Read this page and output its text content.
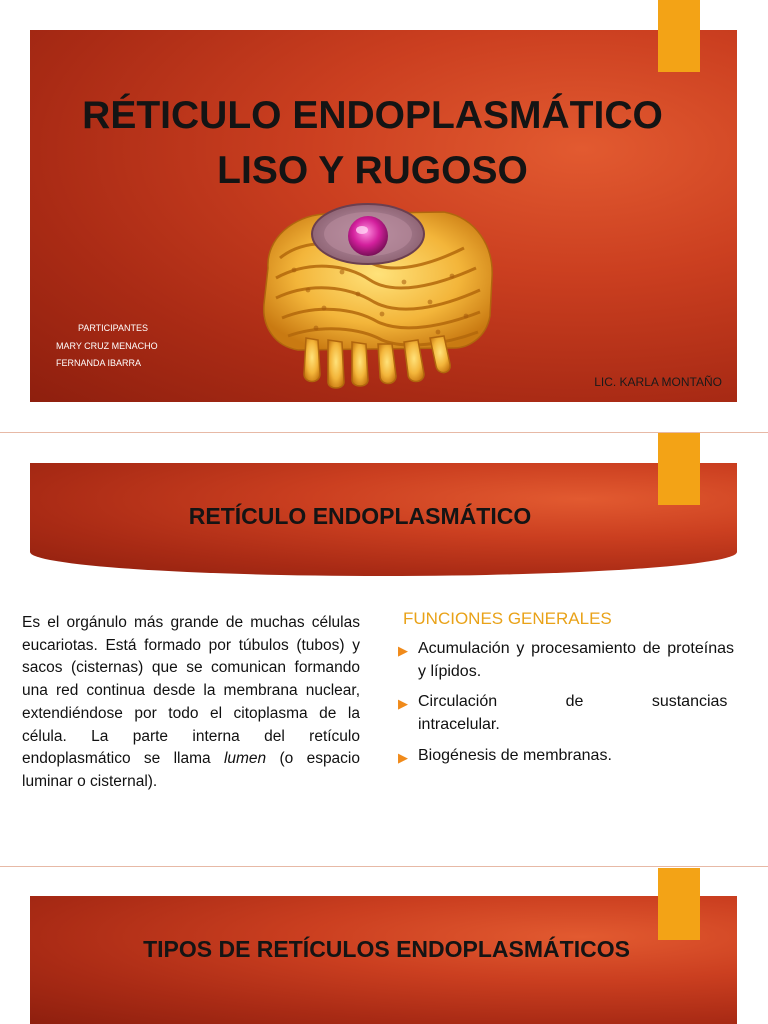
RÉTICULO ENDOPLASMÁTICO
LISO Y RUGOSO
PARTICIPANTES
MARY CRUZ MENACHO
FERNANDA IBARRA
LIC. KARLA MONTAÑO
RETÍCULO ENDOPLASMÁTICO

Es el orgánulo más grande de muchas células eucariotas. Está formado por túbulos (tubos) y sacos (cisternas) que se comunican formando una red continua desde la membrana nuclear, extendiéndose por todo el citoplasma de la célula. La parte interna del retículo endoplasmático se llama lumen (o espacio luminar o cisternal).

FUNCIONES GENERALES
▶ Acumulación y procesamiento de proteínas y lípidos.
▶ Circulación de sustancias intracelular.
▶ Biogénesis de membranas.
TIPOS DE RETÍCULOS ENDOPLASMÁTICOS
